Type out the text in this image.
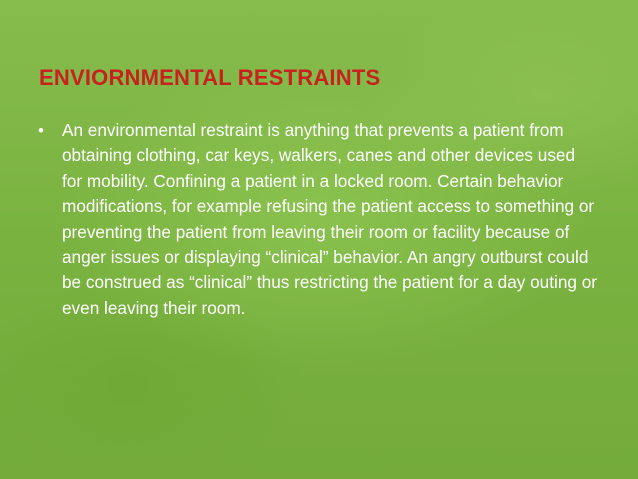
ENVIORNMENTAL RESTRAINTS
• An environmental restraint is anything that prevents a patient from obtaining clothing, car keys, walkers, canes and other devices used for mobility. Confining a patient in a locked room. Certain behavior modifications, for example refusing the patient access to something or preventing the patient from leaving their room or facility because of anger issues or displaying “clinical” behavior. An angry outburst could be construed as “clinical” thus restricting the patient for a day outing or even leaving their room.
